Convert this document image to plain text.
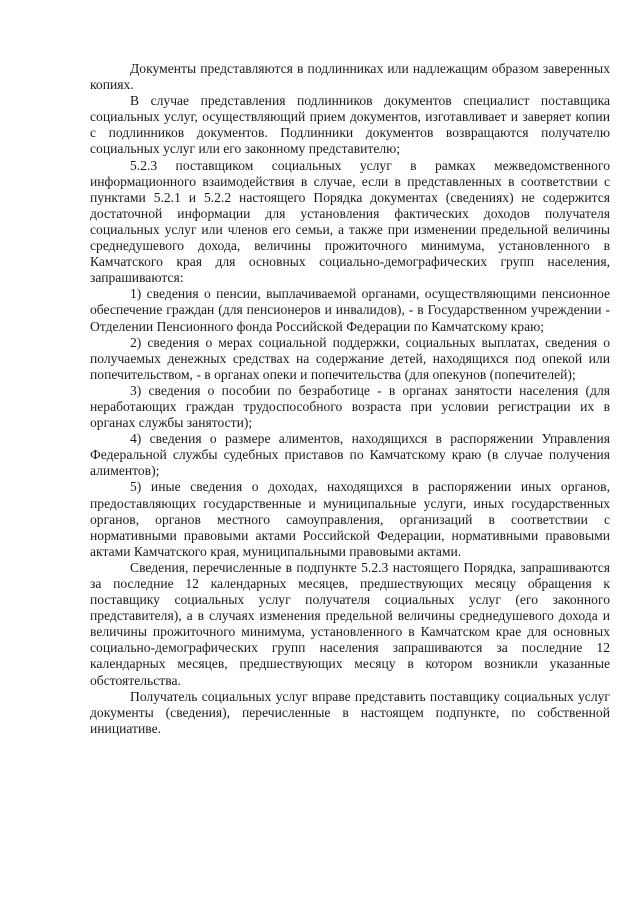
Документы представляются в подлинниках или надлежащим образом заверенных копиях.

В случае представления подлинников документов специалист поставщика социальных услуг, осуществляющий прием документов, изготавливает и заверяет копии с подлинников документов. Подлинники документов возвращаются получателю социальных услуг или его законному представителю;

5.2.3 поставщиком социальных услуг в рамках межведомственного информационного взаимодействия в случае, если в представленных в соответствии с пунктами 5.2.1 и 5.2.2 настоящего Порядка документах (сведениях) не содержится достаточной информации для установления фактических доходов получателя социальных услуг или членов его семьи, а также при изменении предельной величины среднедушевого дохода, величины прожиточного минимума, установленного в Камчатского края для основных социально-демографических групп населения, запрашиваются:

1) сведения о пенсии, выплачиваемой органами, осуществляющими пенсионное обеспечение граждан (для пенсионеров и инвалидов), - в Государственном учреждении - Отделении Пенсионного фонда Российской Федерации по Камчатскому краю;

2) сведения о мерах социальной поддержки, социальных выплатах, сведения о получаемых денежных средствах на содержание детей, находящихся под опекой или попечительством, - в органах опеки и попечительства (для опекунов (попечителей);

3) сведения о пособии по безработице - в органах занятости населения (для неработающих граждан трудоспособного возраста при условии регистрации их в органах службы занятости);

4) сведения о размере алиментов, находящихся в распоряжении Управления Федеральной службы судебных приставов по Камчатскому краю (в случае получения алиментов);

5) иные сведения о доходах, находящихся в распоряжении иных органов, предоставляющих государственные и муниципальные услуги, иных государственных органов, органов местного самоуправления, организаций в соответствии с нормативными правовыми актами Российской Федерации, нормативными правовыми актами Камчатского края, муниципальными правовыми актами.

Сведения, перечисленные в подпункте 5.2.3 настоящего Порядка, запрашиваются за последние 12 календарных месяцев, предшествующих месяцу обращения к поставщику социальных услуг получателя социальных услуг (его законного представителя), а в случаях изменения предельной величины среднедушевого дохода и величины прожиточного минимума, установленного в Камчатском крае для основных социально-демографических групп населения запрашиваются за последние 12 календарных месяцев, предшествующих месяцу в котором возникли указанные обстоятельства.

Получатель социальных услуг вправе представить поставщику социальных услуг документы (сведения), перечисленные в настоящем подпункте, по собственной инициативе.
